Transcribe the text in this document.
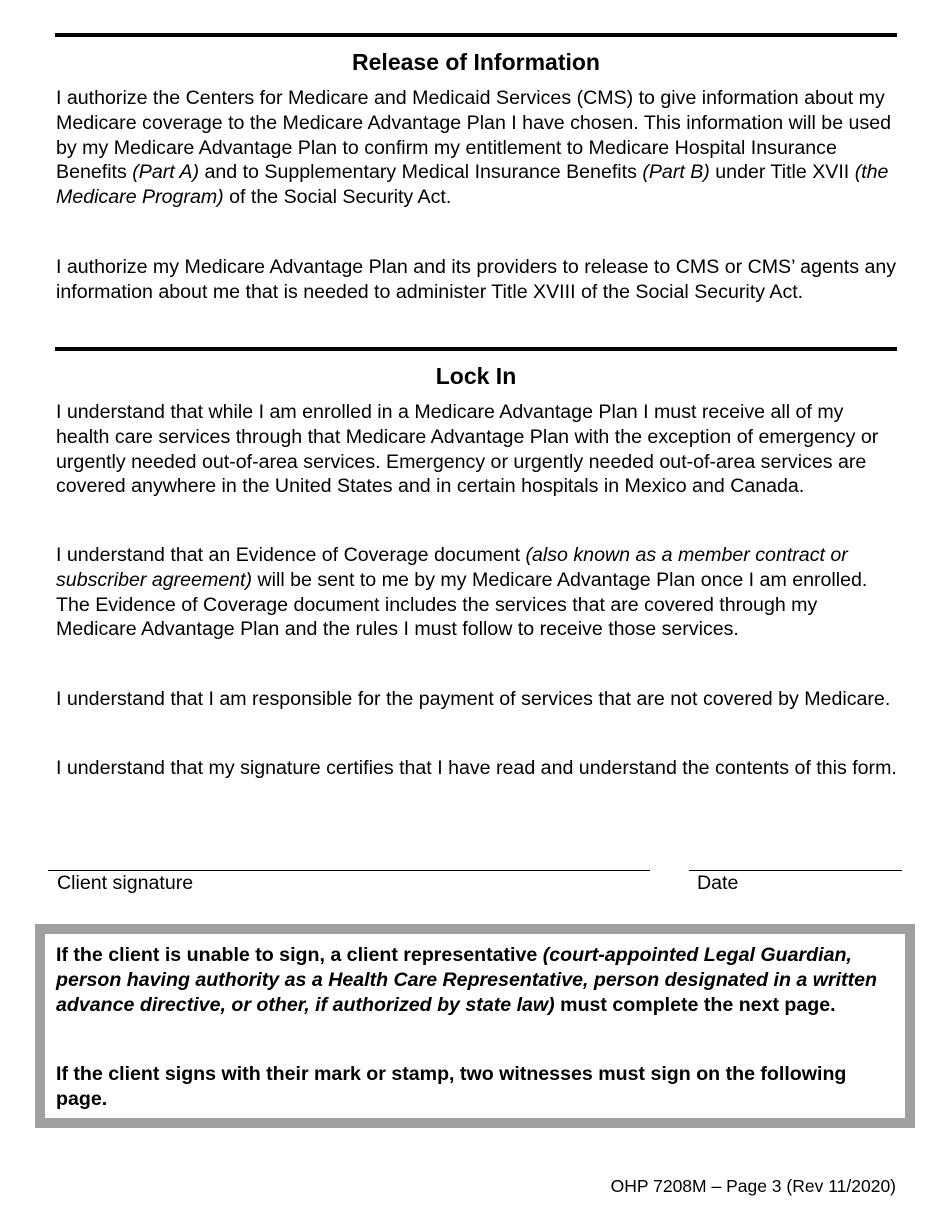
Release of Information

I authorize the Centers for Medicare and Medicaid Services (CMS) to give information about my Medicare coverage to the Medicare Advantage Plan I have chosen. This information will be used by my Medicare Advantage Plan to confirm my entitlement to Medicare Hospital Insurance Benefits (Part A) and to Supplementary Medical Insurance Benefits (Part B) under Title XVII (the Medicare Program) of the Social Security Act.

I authorize my Medicare Advantage Plan and its providers to release to CMS or CMS’ agents any information about me that is needed to administer Title XVIII of the Social Security Act.

Lock In

I understand that while I am enrolled in a Medicare Advantage Plan I must receive all of my health care services through that Medicare Advantage Plan with the exception of emergency or urgently needed out-of-area services. Emergency or urgently needed out-of-area services are covered anywhere in the United States and in certain hospitals in Mexico and Canada.

I understand that an Evidence of Coverage document (also known as a member contract or subscriber agreement) will be sent to me by my Medicare Advantage Plan once I am enrolled. The Evidence of Coverage document includes the services that are covered through my Medicare Advantage Plan and the rules I must follow to receive those services.

I understand that I am responsible for the payment of services that are not covered by Medicare.

I understand that my signature certifies that I have read and understand the contents of this form.

Client signature	Date

If the client is unable to sign, a client representative (court-appointed Legal Guardian, person having authority as a Health Care Representative, person designated in a written advance directive, or other, if authorized by state law) must complete the next page.

If the client signs with their mark or stamp, two witnesses must sign on the following page.

OHP 7208M – Page 3 (Rev 11/2020)
